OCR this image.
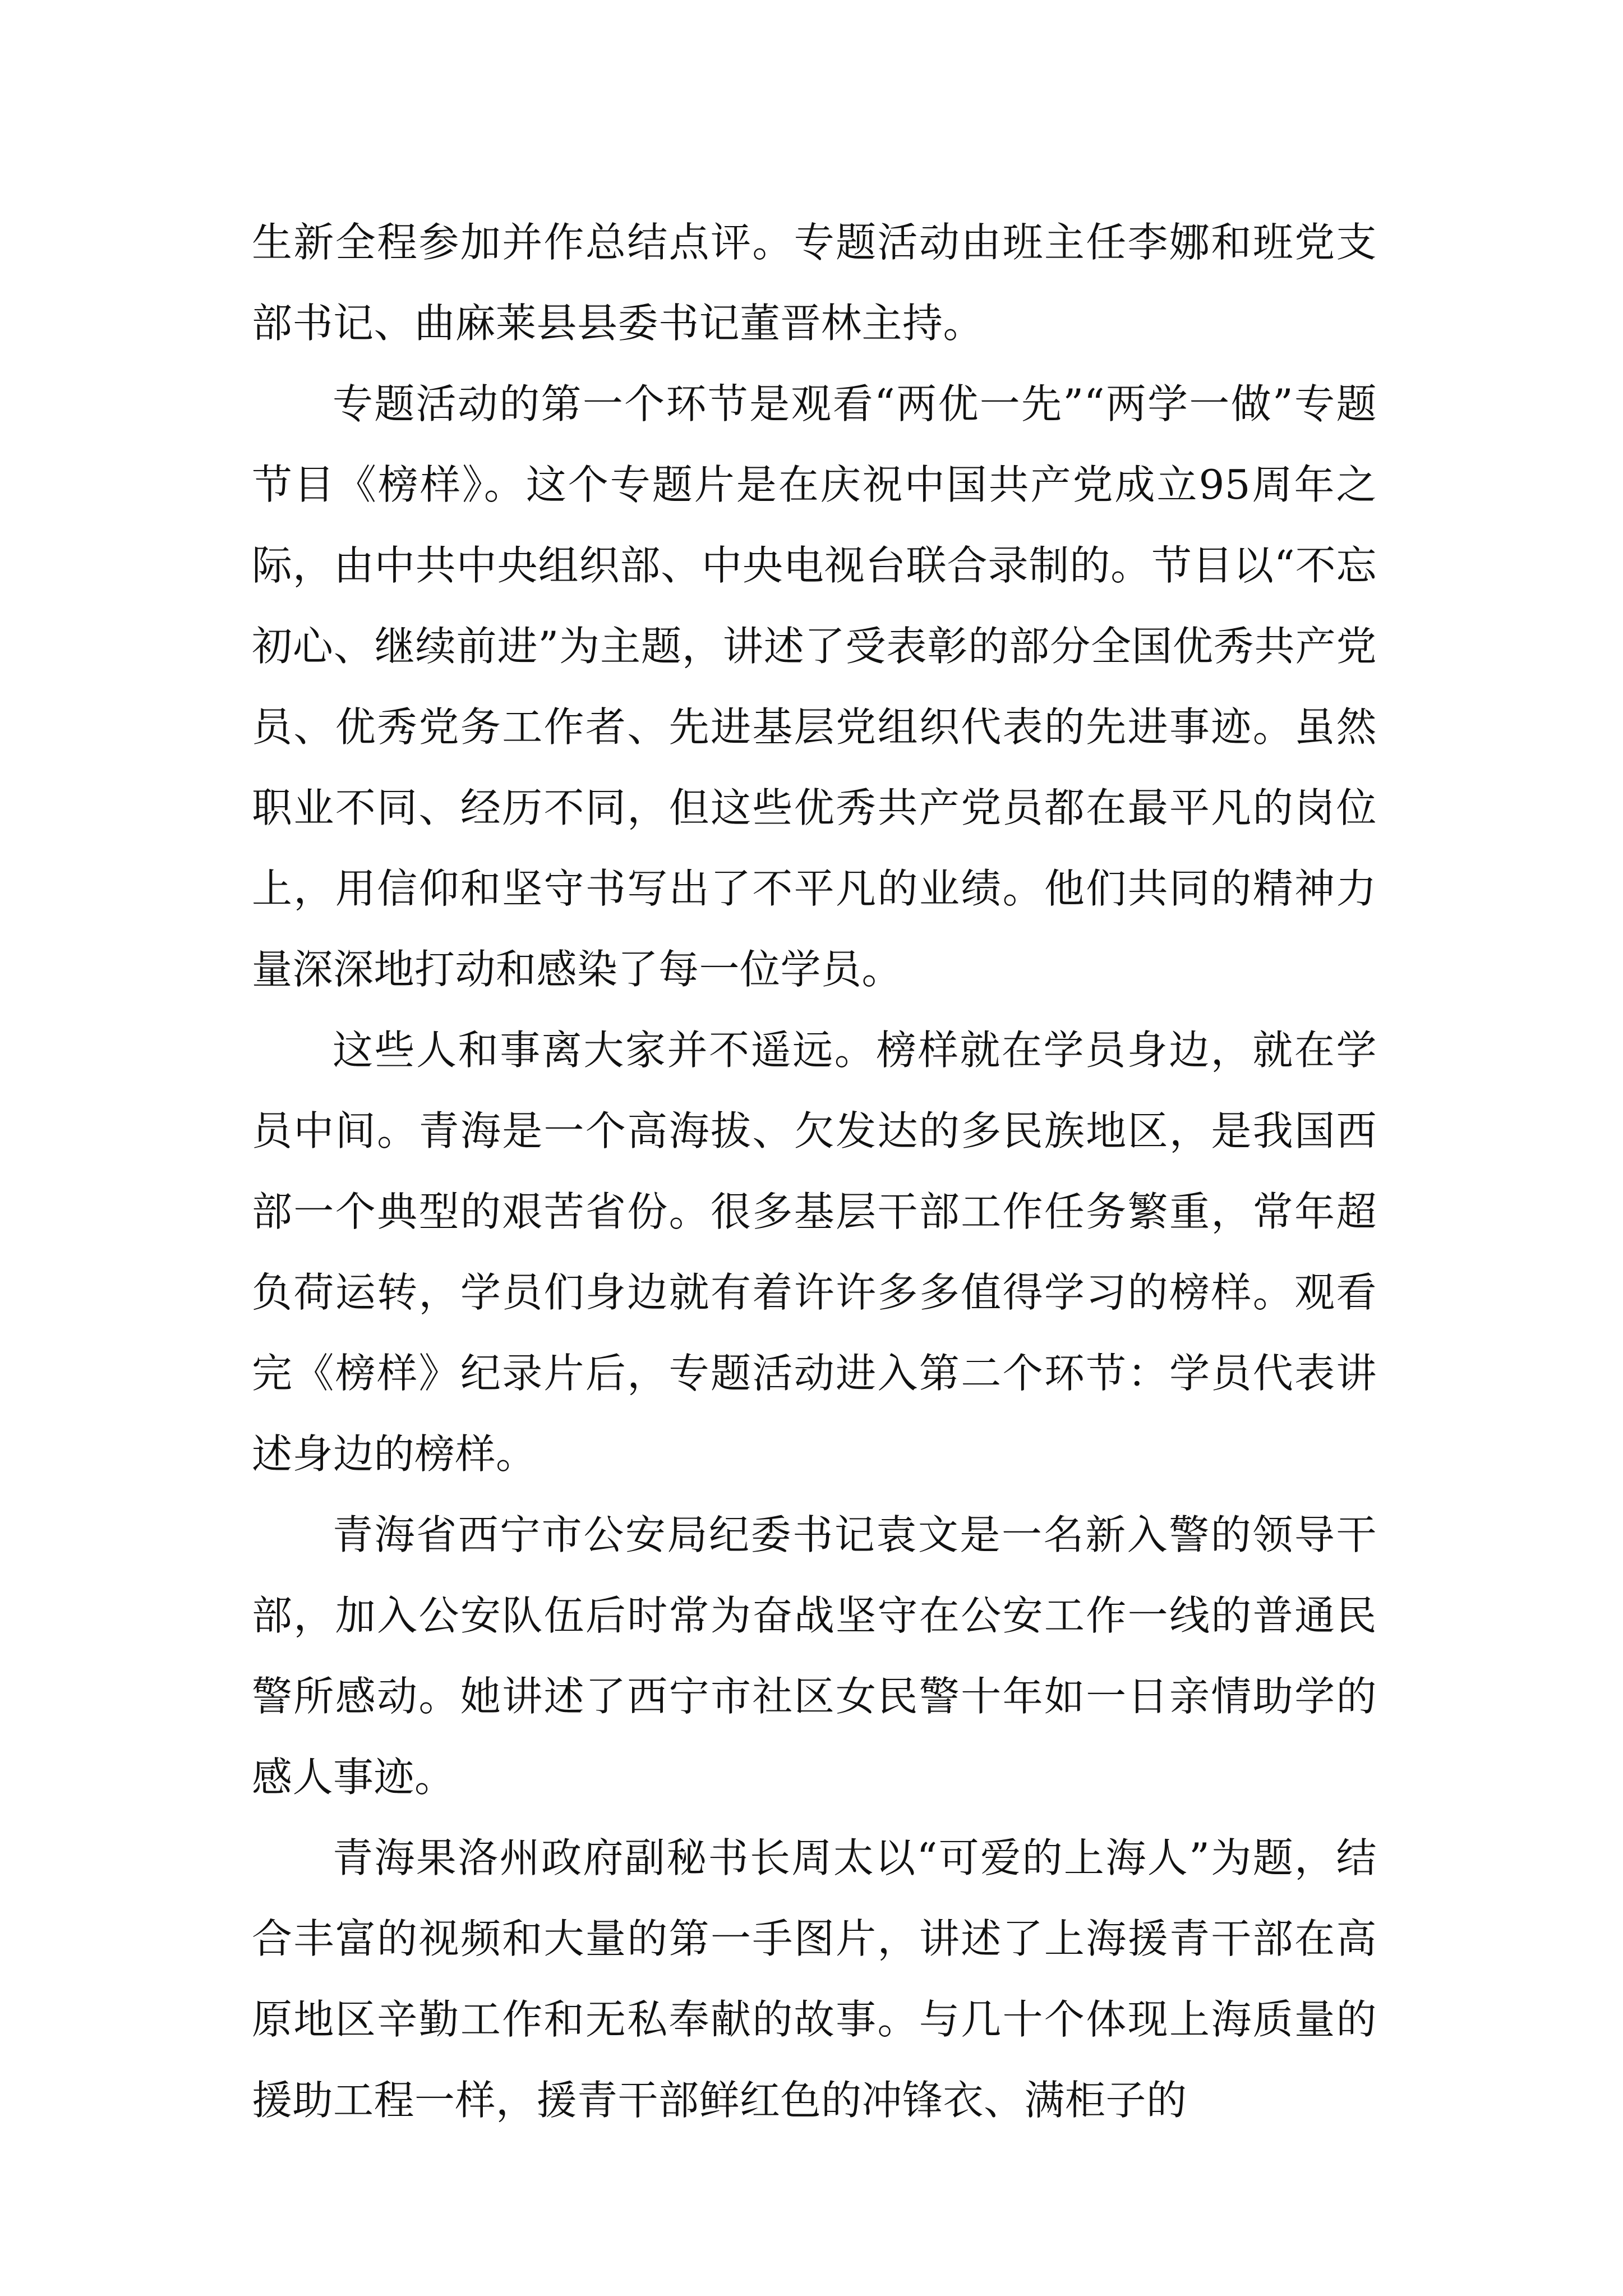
生新全程参加并作总结点评。专题活动由班主任李娜和班党支部书记、曲麻莱县县委书记董晋林主持。

专题活动的第一个环节是观看“两优一先”“两学一做”专题节目《榜样》。这个专题片是在庆祝中国共产党成立95周年之际，由中共中央组织部、中央电视台联合录制的。节目以“不忘初心、继续前进”为主题，讲述了受表彰的部分全国优秀共产党员、优秀党务工作者、先进基层党组织代表的先进事迹。虽然职业不同、经历不同，但这些优秀共产党员都在最平凡的岗位上，用信仰和坚守书写出了不平凡的业绩。他们共同的精神力量深深地打动和感染了每一位学员。

这些人和事离大家并不遥远。榜样就在学员身边，就在学员中间。青海是一个高海拔、欠发达的多民族地区，是我国西部一个典型的艰苦省份。很多基层干部工作任务繁重，常年超负荷运转，学员们身边就有着许许多多值得学习的榜样。观看完《榜样》纪录片后，专题活动进入第二个环节：学员代表讲述身边的榜样。

青海省西宁市公安局纪委书记袁文是一名新入警的领导干部，加入公安队伍后时常为奋战坚守在公安工作一线的普通民警所感动。她讲述了西宁市社区女民警十年如一日亲情助学的感人事迹。

青海果洛州政府副秘书长周太以“可爱的上海人”为题，结合丰富的视频和大量的第一手图片，讲述了上海援青干部在高原地区辛勤工作和无私奉献的故事。与几十个体现上海质量的援助工程一样，援青干部鲜红色的冲锋衣、满柜子的
